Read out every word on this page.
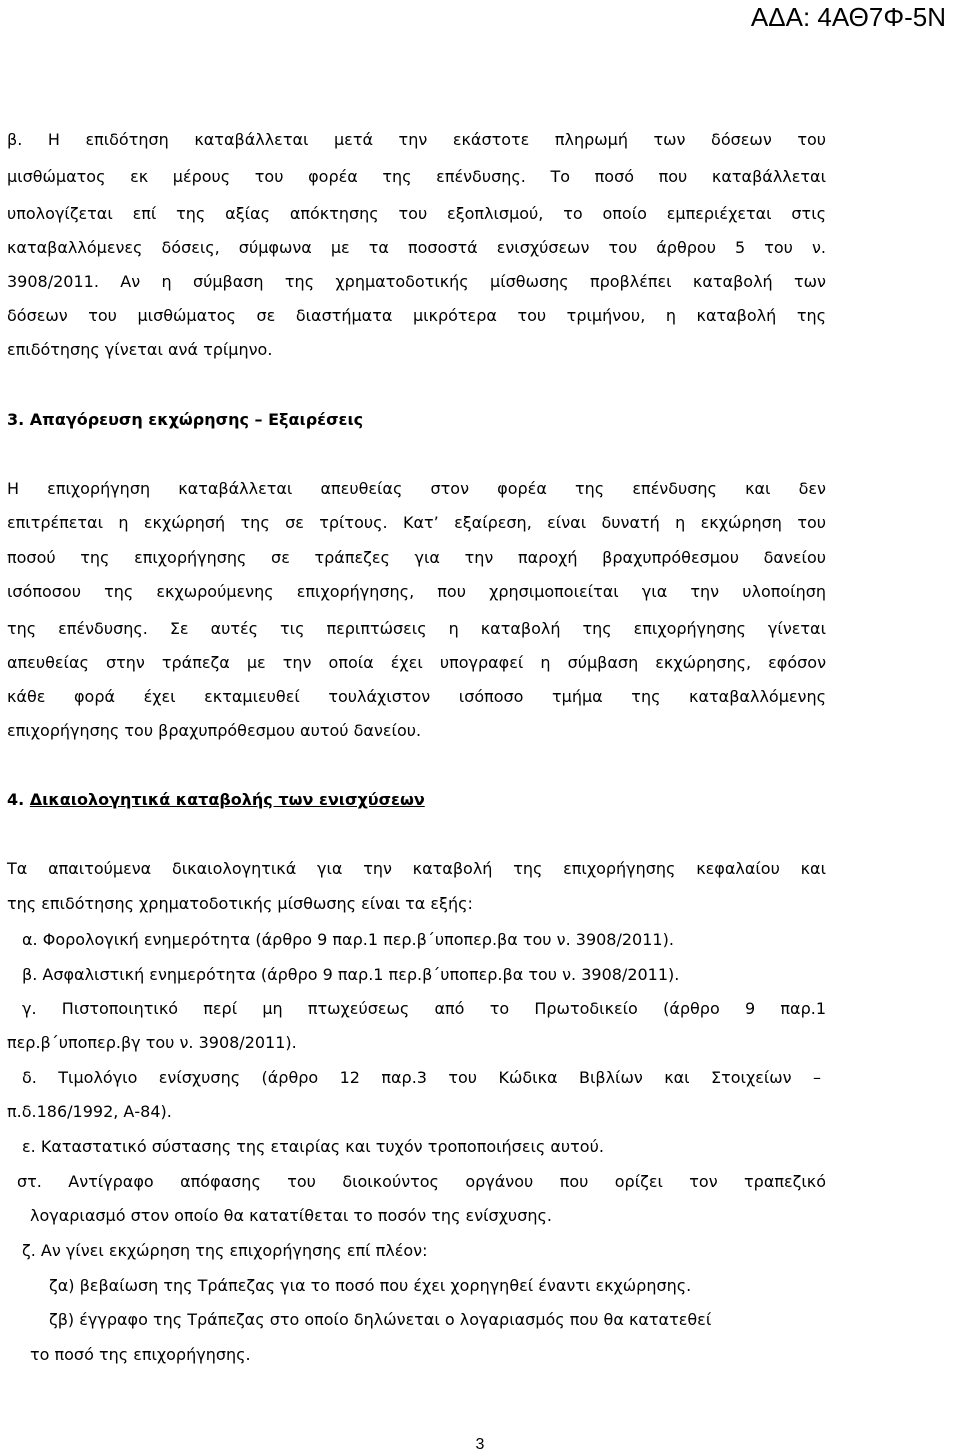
ΑΔΑ: 4ΑΘ7Φ-5Ν
β. Η επιδότηση καταβάλλεται μετά την εκάστοτε πληρωμή των δόσεων του
μισθώματος εκ μέρους του φορέα της επένδυσης. Το ποσό που καταβάλλεται
υπολογίζεται επί της αξίας απόκτησης του εξοπλισμού, το οποίο εμπεριέχεται στις
καταβαλλόμενες δόσεις, σύμφωνα με τα ποσοστά ενισχύσεων του άρθρου 5 του ν.
3908/2011. Αν η σύμβαση της χρηματοδοτικής μίσθωσης προβλέπει καταβολή των
δόσεων του μισθώματος σε διαστήματα μικρότερα του τριμήνου, η καταβολή της
επιδότησης γίνεται ανά τρίμηνο.
3. Απαγόρευση εκχώρησης – Εξαιρέσεις
Η επιχορήγηση καταβάλλεται απευθείας στον φορέα της επένδυσης και δεν
επιτρέπεται η εκχώρησή της σε τρίτους. Κατ’ εξαίρεση, είναι δυνατή η εκχώρηση του
ποσού της επιχορήγησης σε τράπεζες για την παροχή βραχυπρόθεσμου δανείου
ισόποσου της εκχωρούμενης επιχορήγησης, που χρησιμοποιείται για την υλοποίηση
της επένδυσης. Σε αυτές τις περιπτώσεις η καταβολή της επιχορήγησης γίνεται
απευθείας στην τράπεζα με την οποία έχει υπογραφεί η σύμβαση εκχώρησης, εφόσον
κάθε φορά έχει εκταμιευθεί τουλάχιστον ισόποσο τμήμα της καταβαλλόμενης
επιχορήγησης του βραχυπρόθεσμου αυτού δανείου.
4. Δικαιολογητικά καταβολής των ενισχύσεων
Τα απαιτούμενα δικαιολογητικά για την καταβολή της επιχορήγησης κεφαλαίου και
της επιδότησης χρηματοδοτικής μίσθωσης είναι τα εξής:
α. Φορολογική ενημερότητα (άρθρο 9 παρ.1 περ.β΄υποπερ.βα του ν. 3908/2011).
β. Ασφαλιστική ενημερότητα (άρθρο 9 παρ.1 περ.β΄υποπερ.βα του ν. 3908/2011).
γ. Πιστοποιητικό περί μη πτωχεύσεως από το Πρωτοδικείο (άρθρο 9 παρ.1
περ.β΄υποπερ.βγ του ν. 3908/2011).
δ. Τιμολόγιο ενίσχυσης (άρθρο 12 παρ.3 του Κώδικα Βιβλίων και Στοιχείων –
π.δ.186/1992, Α-84).
ε. Καταστατικό σύστασης της εταιρίας και τυχόν τροποποιήσεις αυτού.
στ. Αντίγραφο απόφασης του διοικούντος οργάνου που ορίζει τον τραπεζικό
λογαριασμό στον οποίο θα κατατίθεται το ποσόν της ενίσχυσης.
ζ. Αν γίνει εκχώρηση της επιχορήγησης επί πλέον:
ζα) βεβαίωση της Τράπεζας για το ποσό που έχει χορηγηθεί έναντι εκχώρησης.
ζβ) έγγραφο της Τράπεζας στο οποίο δηλώνεται ο λογαριασμός που θα κατατεθεί
το ποσό της επιχορήγησης.
3
